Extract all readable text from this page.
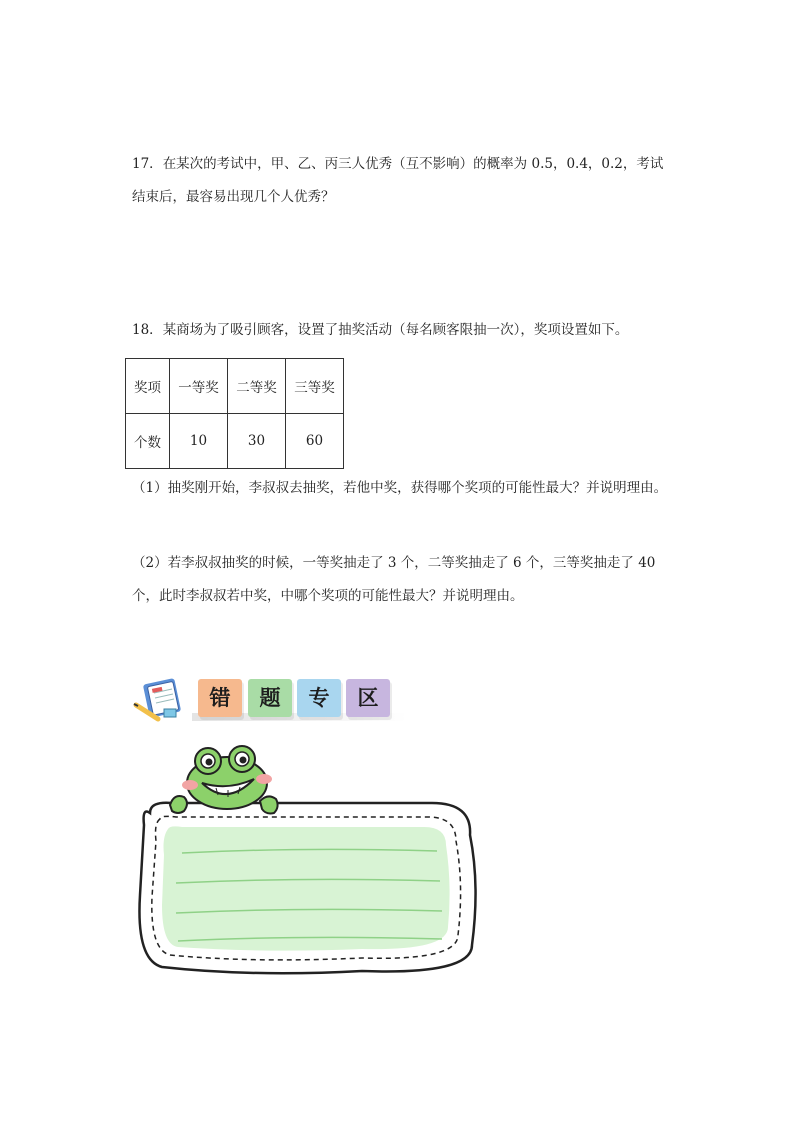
17．在某次的考试中，甲、乙、丙三人优秀（互不影响）的概率为 0.5，0.4，0.2，考试结束后，最容易出现几个人优秀？

18．某商场为了吸引顾客，设置了抽奖活动（每名顾客限抽一次），奖项设置如下。

奖项	一等奖	二等奖	三等奖
个数	10	30	60

（1）抽奖刚开始，李叔叔去抽奖，若他中奖，获得哪个奖项的可能性最大？并说明理由。

（2）若李叔叔抽奖的时候，一等奖抽走了 3 个，二等奖抽走了 6 个，三等奖抽走了 40 个，此时李叔叔若中奖，中哪个奖项的可能性最大？并说明理由。

错	题	专	区
